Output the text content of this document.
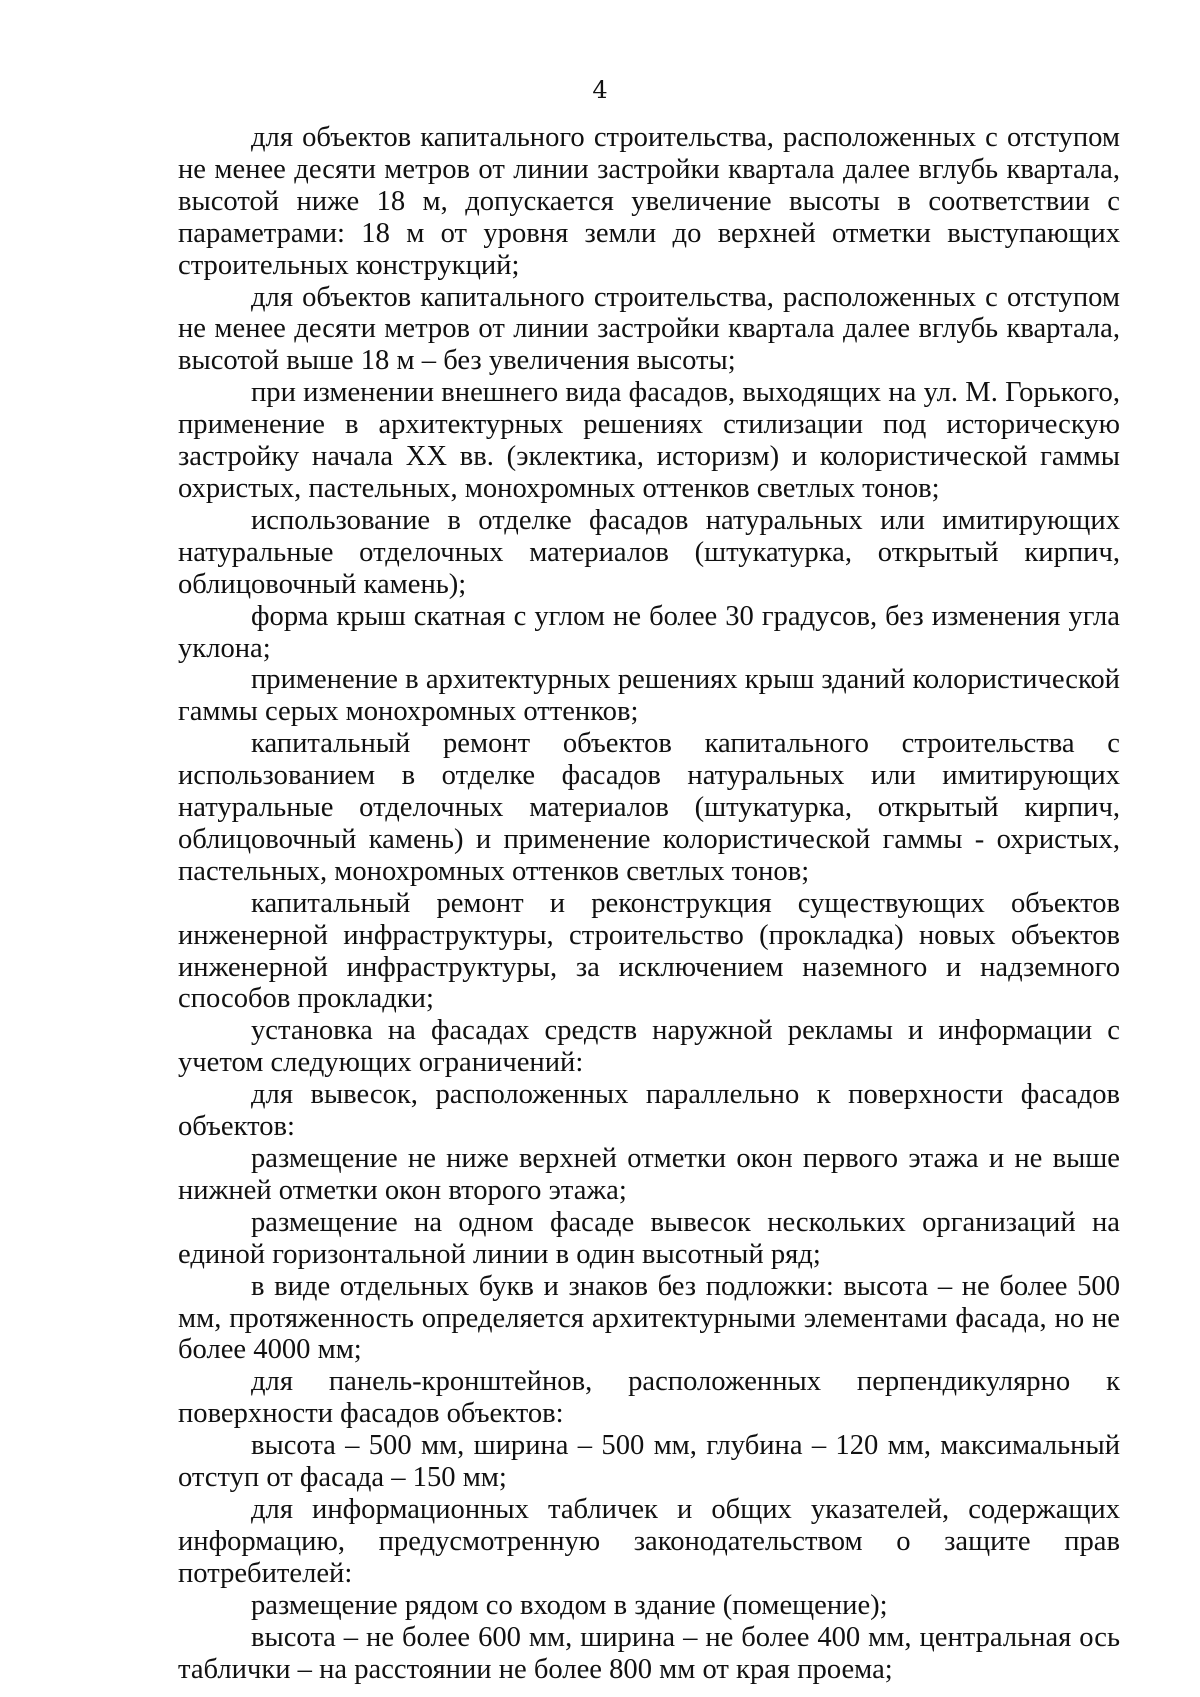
4

для объектов капитального строительства, расположенных с отступом не менее десяти метров от линии застройки квартала далее вглубь квартала, высотой ниже 18 м, допускается увеличение высоты в соответствии с параметрами: 18 м от уровня земли до верхней отметки выступающих строительных конструкций;

для объектов капитального строительства, расположенных с отступом не менее десяти метров от линии застройки квартала далее вглубь квартала, высотой выше 18 м – без увеличения высоты;

при изменении внешнего вида фасадов, выходящих на ул. М. Горького, применение в архитектурных решениях стилизации под историческую застройку начала XX вв. (эклектика, историзм) и колористической гаммы охристых, пастельных, монохромных оттенков светлых тонов;

использование в отделке фасадов натуральных или имитирующих натуральные отделочных материалов (штукатурка, открытый кирпич, облицовочный камень);

форма крыш скатная с углом не более 30 градусов, без изменения угла уклона;

применение в архитектурных решениях крыш зданий колористической гаммы серых монохромных оттенков;

капитальный ремонт объектов капитального строительства с использованием в отделке фасадов натуральных или имитирующих натуральные отделочных материалов (штукатурка, открытый кирпич, облицовочный камень) и применение колористической гаммы - охристых, пастельных, монохромных оттенков светлых тонов;

капитальный ремонт и реконструкция существующих объектов инженерной инфраструктуры, строительство (прокладка) новых объектов инженерной инфраструктуры, за исключением наземного и надземного способов прокладки;

установка на фасадах средств наружной рекламы и информации с учетом следующих ограничений:

для вывесок, расположенных параллельно к поверхности фасадов объектов:

размещение не ниже верхней отметки окон первого этажа и не выше нижней отметки окон второго этажа;

размещение на одном фасаде вывесок нескольких организаций на единой горизонтальной линии в один высотный ряд;

в виде отдельных букв и знаков без подложки: высота – не более 500 мм, протяженность определяется архитектурными элементами фасада, но не более 4000 мм;

для панель-кронштейнов, расположенных перпендикулярно к поверхности фасадов объектов:

высота – 500 мм, ширина – 500 мм, глубина – 120 мм, максимальный отступ от фасада – 150 мм;

для информационных табличек и общих указателей, содержащих информацию, предусмотренную законодательством о защите прав потребителей:

размещение рядом со входом в здание (помещение);

высота – не более 600 мм, ширина – не более 400 мм, центральная ось таблички – на расстоянии не более 800 мм от края проема;
